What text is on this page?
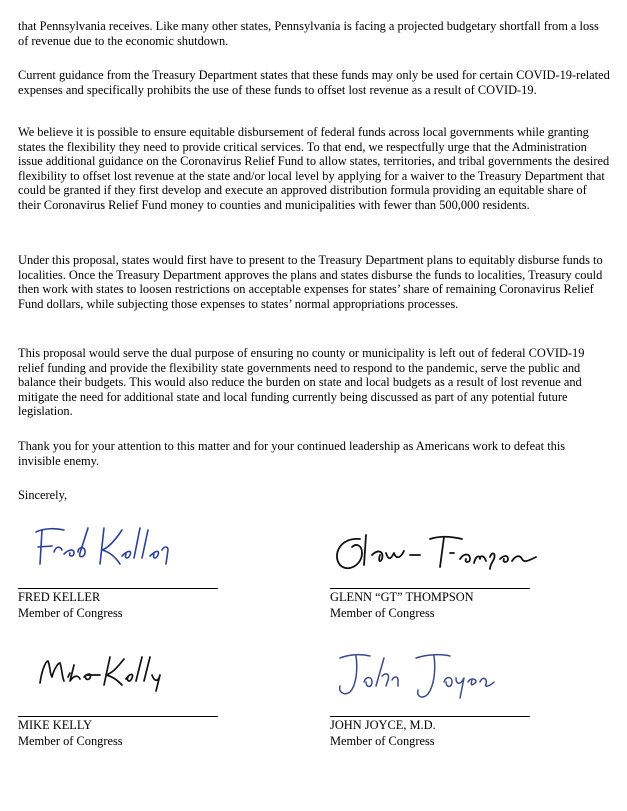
that Pennsylvania receives. Like many other states, Pennsylvania is facing a projected budgetary shortfall from a loss of revenue due to the economic shutdown.

Current guidance from the Treasury Department states that these funds may only be used for certain COVID-19-related expenses and specifically prohibits the use of these funds to offset lost revenue as a result of COVID-19.

We believe it is possible to ensure equitable disbursement of federal funds across local governments while granting states the flexibility they need to provide critical services. To that end, we respectfully urge that the Administration issue additional guidance on the Coronavirus Relief Fund to allow states, territories, and tribal governments the desired flexibility to offset lost revenue at the state and/or local level by applying for a waiver to the Treasury Department that could be granted if they first develop and execute an approved distribution formula providing an equitable share of their Coronavirus Relief Fund money to counties and municipalities with fewer than 500,000 residents.

Under this proposal, states would first have to present to the Treasury Department plans to equitably disburse funds to localities. Once the Treasury Department approves the plans and states disburse the funds to localities, Treasury could then work with states to loosen restrictions on acceptable expenses for states’ share of remaining Coronavirus Relief Fund dollars, while subjecting those expenses to states’ normal appropriations processes.

This proposal would serve the dual purpose of ensuring no county or municipality is left out of federal COVID-19 relief funding and provide the flexibility state governments need to respond to the pandemic, serve the public and balance their budgets. This would also reduce the burden on state and local budgets as a result of lost revenue and mitigate the need for additional state and local funding currently being discussed as part of any potential future legislation.

Thank you for your attention to this matter and for your continued leadership as Americans work to defeat this invisible enemy.

Sincerely,

FRED KELLER
Member of Congress
GLENN “GT” THOMPSON
Member of Congress
MIKE KELLY
Member of Congress
JOHN JOYCE, M.D.
Member of Congress
